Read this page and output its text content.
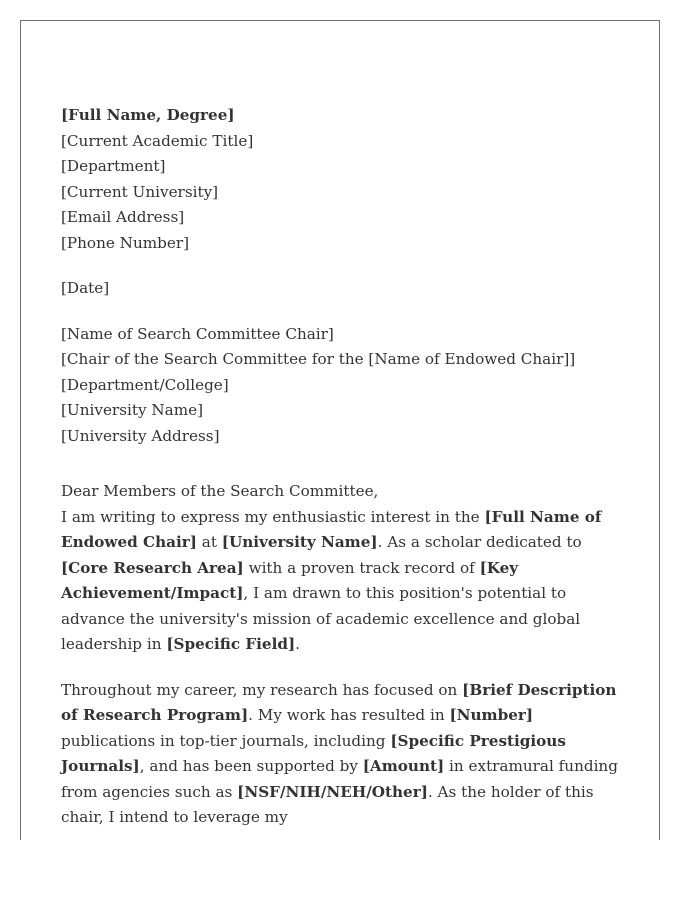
[Full Name, Degree]
[Current Academic Title]
[Department]
[Current University]
[Email Address]
[Phone Number]
[Date]
[Name of Search Committee Chair]
[Chair of the Search Committee for the [Name of Endowed Chair]]
[Department/College]
[University Name]
[University Address]
Dear Members of the Search Committee,

I am writing to express my enthusiastic interest in the [Full Name of Endowed Chair] at [University Name]. As a scholar dedicated to [Core Research Area] with a proven track record of [Key Achievement/Impact], I am drawn to this position's potential to advance the university's mission of academic excellence and global leadership in [Specific Field].

Throughout my career, my research has focused on [Brief Description of Research Program]. My work has resulted in [Number] publications in top-tier journals, including [Specific Prestigious Journals], and has been supported by [Amount] in extramural funding from agencies such as [NSF/NIH/NEH/Other]. As the holder of this chair, I intend to leverage my
